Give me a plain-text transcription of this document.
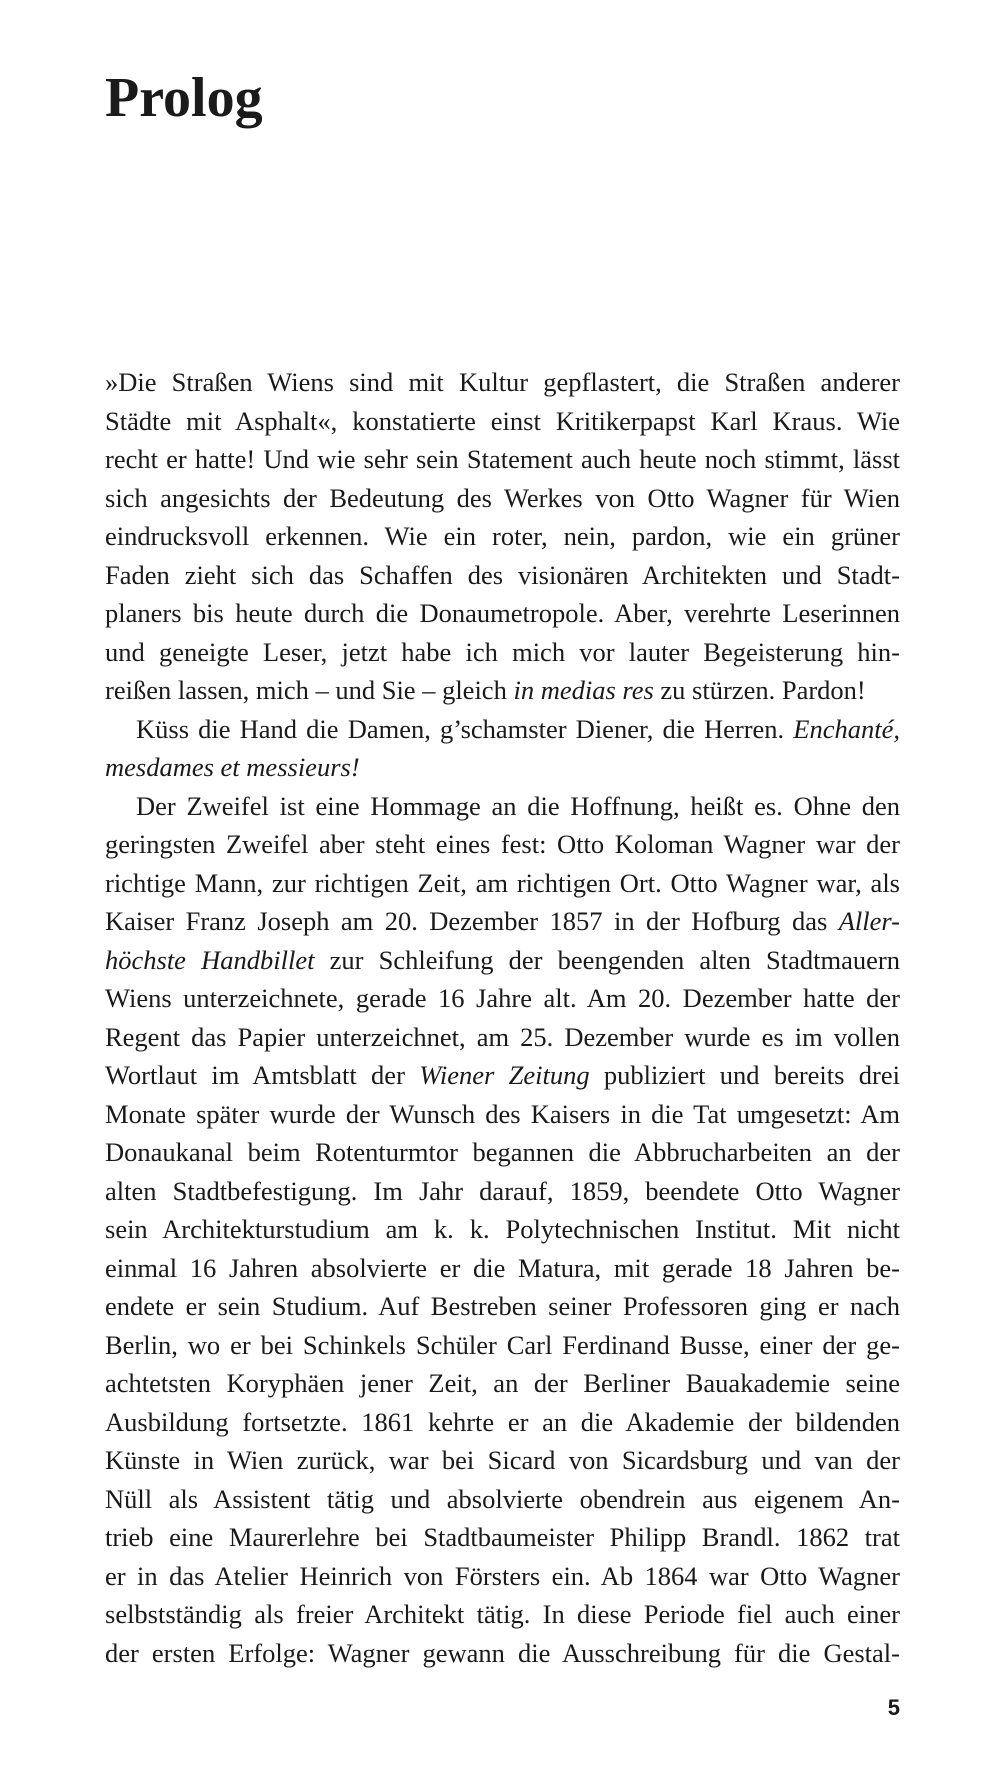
Prolog
»Die Straßen Wiens sind mit Kultur gepflastert, die Straßen anderer
Städte mit Asphalt«, konstatierte einst Kritikerpapst Karl Kraus. Wie
recht er hatte! Und wie sehr sein Statement auch heute noch stimmt, lässt
sich angesichts der Bedeutung des Werkes von Otto Wagner für Wien
eindrucksvoll erkennen. Wie ein roter, nein, pardon, wie ein grüner
Faden zieht sich das Schaffen des visionären Architekten und Stadt-
planers bis heute durch die Donaumetropole. Aber, verehrte Leserinnen
und geneigte Leser, jetzt habe ich mich vor lauter Begeisterung hin-
reißen lassen, mich – und Sie – gleich in medias res zu stürzen. Pardon!
Küss die Hand die Damen, g’schamster Diener, die Herren. Enchanté,
mesdames et messieurs!
Der Zweifel ist eine Hommage an die Hoffnung, heißt es. Ohne den
geringsten Zweifel aber steht eines fest: Otto Koloman Wagner war der
richtige Mann, zur richtigen Zeit, am richtigen Ort. Otto Wagner war, als
Kaiser Franz Joseph am 20. Dezember 1857 in der Hofburg das Aller-
höchste Handbillet zur Schleifung der beengenden alten Stadtmauern
Wiens unterzeichnete, gerade 16 Jahre alt. Am 20. Dezember hatte der
Regent das Papier unterzeichnet, am 25. Dezember wurde es im vollen
Wortlaut im Amtsblatt der Wiener Zeitung publiziert und bereits drei
Monate später wurde der Wunsch des Kaisers in die Tat umgesetzt: Am
Donaukanal beim Rotenturmtor begannen die Abbrucharbeiten an der
alten Stadtbefestigung. Im Jahr darauf, 1859, beendete Otto Wagner
sein Architekturstudium am k. k. Polytechnischen Institut. Mit nicht
einmal 16 Jahren absolvierte er die Matura, mit gerade 18 Jahren be-
endete er sein Studium. Auf Bestreben seiner Professoren ging er nach
Berlin, wo er bei Schinkels Schüler Carl Ferdinand Busse, einer der ge-
achtetsten Koryphäen jener Zeit, an der Berliner Bauakademie seine
Ausbildung fortsetzte. 1861 kehrte er an die Akademie der bildenden
Künste in Wien zurück, war bei Sicard von Sicardsburg und van der
Nüll als Assistent tätig und absolvierte obendrein aus eigenem An-
trieb eine Maurerlehre bei Stadtbaumeister Philipp Brandl. 1862 trat
er in das Atelier Heinrich von Försters ein. Ab 1864 war Otto Wagner
selbstständig als freier Architekt tätig. In diese Periode fiel auch einer
der ersten Erfolge: Wagner gewann die Ausschreibung für die Gestal-
5
